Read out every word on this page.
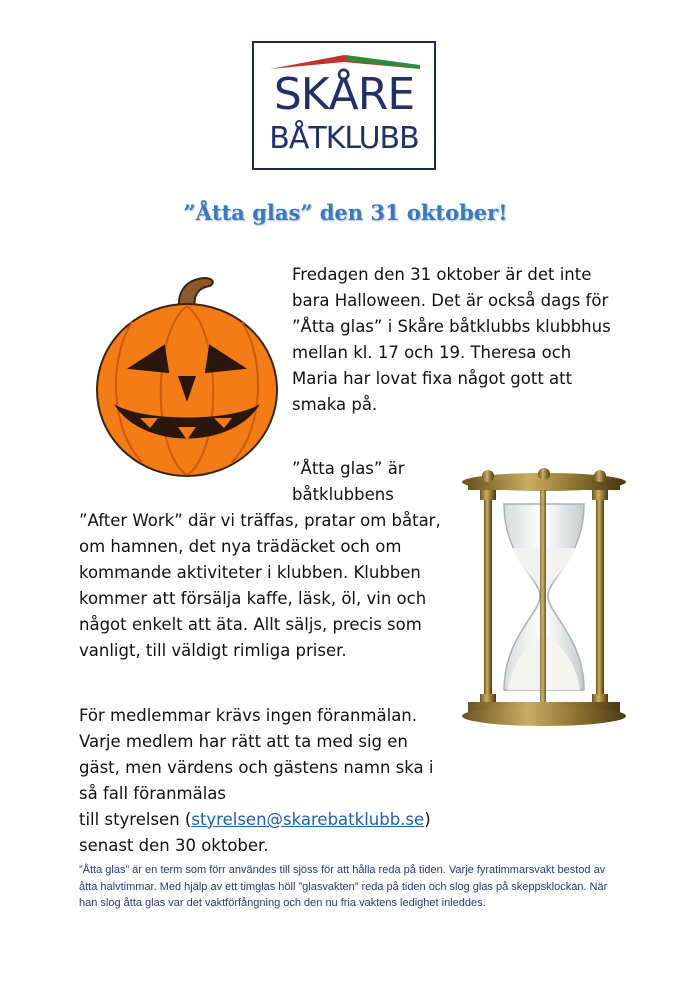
SKÅRE
BÅTKLUBB
”Åtta glas” den 31 oktober!
Fredagen den 31 oktober är det inte bara Halloween. Det är också dags för ”Åtta glas” i Skåre båtklubbs klubbhus mellan kl. 17 och 19. Theresa och Maria har lovat fixa något gott att smaka på.
”Åtta glas” är båtklubbens
”After Work” där vi träffas, pratar om båtar, om hamnen, det nya trädäcket och om kommande aktiviteter i klubben. Klubben kommer att försälja kaffe, läsk, öl, vin och något enkelt att äta. Allt säljs, precis som vanligt, till väldigt rimliga priser.
För medlemmar krävs ingen föranmälan. Varje medlem har rätt att ta med sig en gäst, men värdens och gästens namn ska i så fall föranmälas
till styrelsen (styrelsen@skarebatklubb.se)
senast den 30 oktober.
”Åtta glas” är en term som förr användes till sjöss för att hålla reda på tiden. Varje fyratimmarsvakt bestod av åtta halvtimmar. Med hjälp av ett timglas höll ”glasvakten” reda på tiden och slog glas på skeppsklockan. När han slog åtta glas var det vaktförfångning och den nu fria vaktens ledighet inleddes.
